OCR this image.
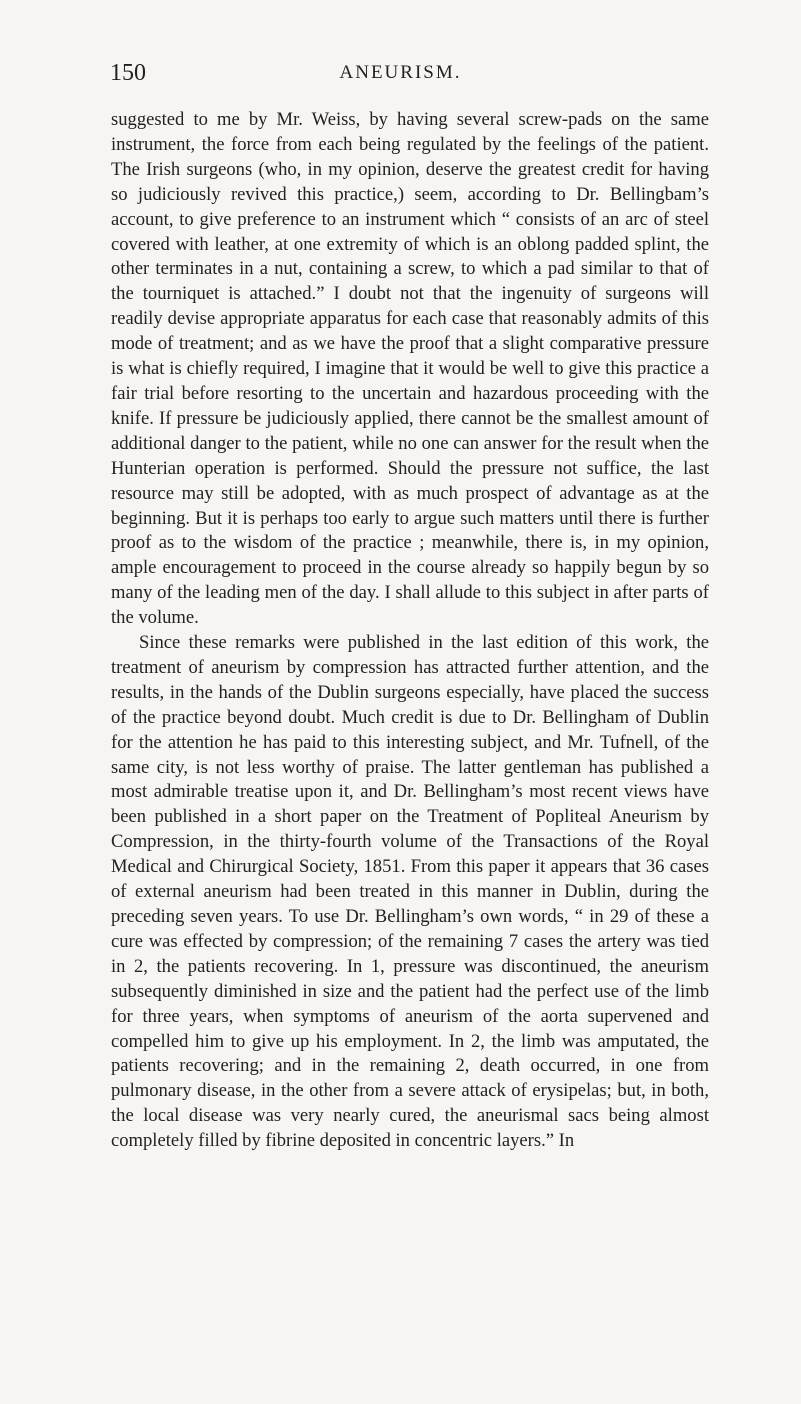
150	ANEURISM.

suggested to me by Mr. Weiss, by having several screw-pads on the same instrument, the force from each being regulated by the feelings of the patient. The Irish surgeons (who, in my opinion, deserve the greatest credit for having so judiciously revived this practice,) seem, according to Dr. Bellingbam’s account, to give preference to an instrument which “ consists of an arc of steel covered with leather, at one extremity of which is an oblong padded splint, the other terminates in a nut, containing a screw, to which a pad similar to that of the tourniquet is attached.” I doubt not that the ingenuity of surgeons will readily devise appropriate apparatus for each case that reasonably admits of this mode of treatment; and as we have the proof that a slight comparative pressure is what is chiefly required, I imagine that it would be well to give this practice a fair trial before resorting to the uncertain and hazardous proceeding with the knife. If pressure be judiciously applied, there cannot be the smallest amount of additional danger to the patient, while no one can answer for the result when the Hunterian operation is performed. Should the pressure not suffice, the last resource may still be adopted, with as much prospect of advantage as at the beginning. But it is perhaps too early to argue such matters until there is further proof as to the wisdom of the practice ; meanwhile, there is, in my opinion, ample encouragement to proceed in the course already so happily begun by so many of the leading men of the day. I shall allude to this subject in after parts of the volume.

Since these remarks were published in the last edition of this work, the treatment of aneurism by compression has attracted further attention, and the results, in the hands of the Dublin surgeons especially, have placed the success of the practice beyond doubt. Much credit is due to Dr. Bellingham of Dublin for the attention he has paid to this interesting subject, and Mr. Tufnell, of the same city, is not less worthy of praise. The latter gentleman has published a most admirable treatise upon it, and Dr. Bellingham’s most recent views have been published in a short paper on the Treatment of Popliteal Aneurism by Compression, in the thirty-fourth volume of the Transactions of the Royal Medical and Chirurgical Society, 1851. From this paper it appears that 36 cases of external aneurism had been treated in this manner in Dublin, during the preceding seven years. To use Dr. Bellingham’s own words, “ in 29 of these a cure was effected by compression; of the remaining 7 cases the artery was tied in 2, the patients recovering. In 1, pressure was discontinued, the aneurism subsequently diminished in size and the patient had the perfect use of the limb for three years, when symptoms of aneurism of the aorta supervened and compelled him to give up his employment. In 2, the limb was amputated, the patients recovering; and in the remaining 2, death occurred, in one from pulmonary disease, in the other from a severe attack of erysipelas; but, in both, the local disease was very nearly cured, the aneurismal sacs being almost completely filled by fibrine deposited in concentric layers.” In
